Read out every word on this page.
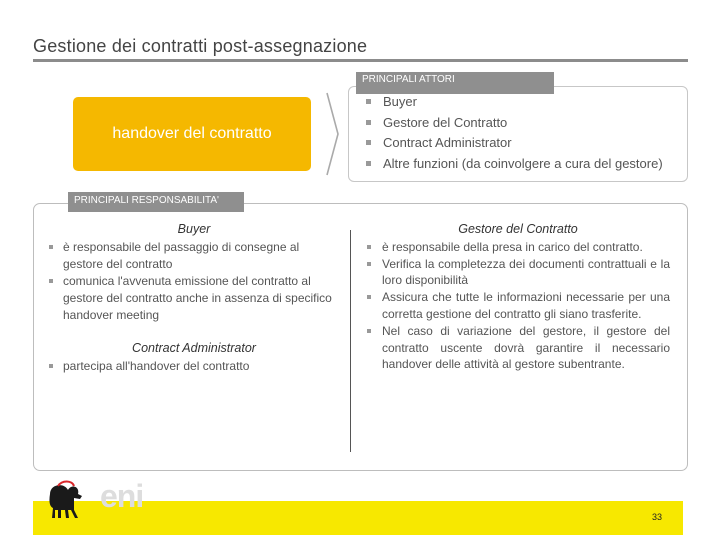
Gestione dei contratti post-assegnazione
PRINCIPALI ATTORI
Buyer
Gestore del Contratto
Contract Administrator
Altre funzioni (da coinvolgere a cura del gestore)
handover del contratto
PRINCIPALI RESPONSABILITA'
Buyer
è responsabile del passaggio di consegne al gestore del contratto
comunica l'avvenuta emissione del contratto al gestore del contratto anche in assenza di specifico handover meeting
Contract Administrator
partecipa all'handover del contratto
Gestore del Contratto
è responsabile della presa in carico del contratto.
Verifica la completezza dei documenti contrattuali e la loro disponibilità
Assicura che tutte le informazioni necessarie per una corretta gestione del contratto gli siano trasferite.
Nel caso di variazione del gestore, il gestore del contratto uscente dovrà garantire il necessario handover delle attività al gestore subentrante.
33
eni
